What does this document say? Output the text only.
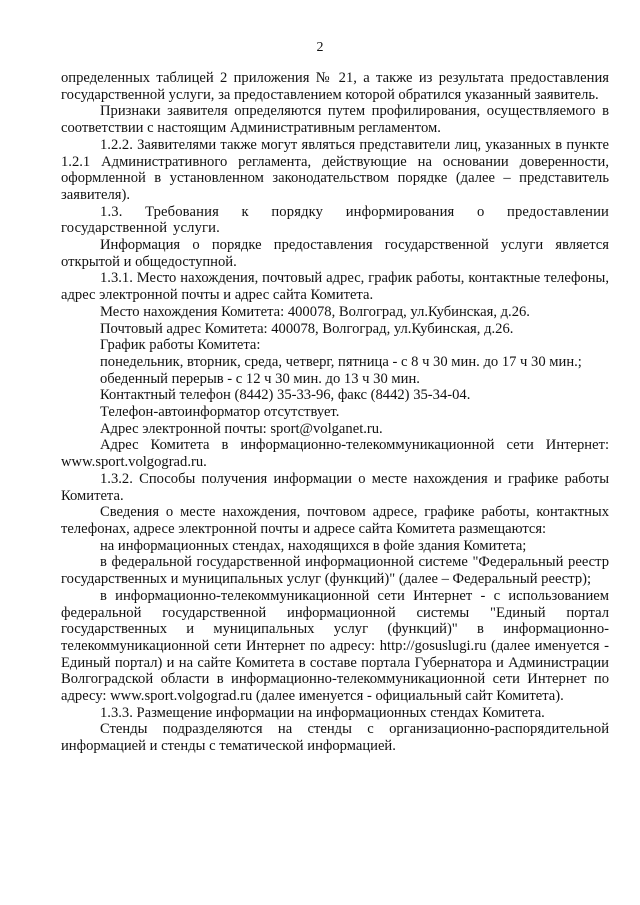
2

определенных таблицей 2 приложения № 21, а также из результата предоставления государственной услуги, за предоставлением которой обратился указанный заявитель.

Признаки заявителя определяются путем профилирования, осуществляемого в соответствии с настоящим Административным регламентом.

1.2.2. Заявителями также могут являться представители лиц, указанных в пункте 1.2.1 Административного регламента, действующие на основании доверенности, оформленной в установленном законодательством порядке (далее – представитель заявителя).

1.3. Требования к порядку информирования о предоставлении государственной услуги.

Информация о порядке предоставления государственной услуги является открытой и общедоступной.

1.3.1. Место нахождения, почтовый адрес, график работы, контактные телефоны, адрес электронной почты и адрес сайта Комитета.

Место нахождения Комитета: 400078, Волгоград, ул.Кубинская, д.26.

Почтовый адрес Комитета: 400078, Волгоград, ул.Кубинская, д.26.

График работы Комитета:

понедельник, вторник, среда, четверг, пятница - с 8 ч 30 мин. до 17 ч 30 мин.;

обеденный перерыв - с 12 ч 30 мин. до 13 ч 30 мин.

Контактный телефон (8442) 35-33-96, факс (8442) 35-34-04.

Телефон-автоинформатор отсутствует.

Адрес электронной почты: sport@volganet.ru.

Адрес Комитета в информационно-телекоммуникационной сети Интернет: www.sport.volgograd.ru.

1.3.2. Способы получения информации о месте нахождения и графике работы Комитета.

Сведения о месте нахождения, почтовом адресе, графике работы, контактных телефонах, адресе электронной почты и адресе сайта Комитета размещаются:

на информационных стендах, находящихся в фойе здания Комитета;

в федеральной государственной информационной системе "Федеральный реестр государственных и муниципальных услуг (функций)" (далее – Федеральный реестр);

в информационно-телекоммуникационной сети Интернет - с использованием федеральной государственной информационной системы "Единый портал государственных и муниципальных услуг (функций)" в информационно-телекоммуникационной сети Интернет по адресу: http://gosuslugi.ru (далее именуется - Единый портал) и на сайте Комитета в составе портала Губернатора и Администрации Волгоградской области в информационно-телекоммуникационной сети Интернет по адресу: www.sport.volgograd.ru (далее именуется - официальный сайт Комитета).

1.3.3. Размещение информации на информационных стендах Комитета.

Стенды подразделяются на стенды с организационно-распорядительной информацией и стенды с тематической информацией.
